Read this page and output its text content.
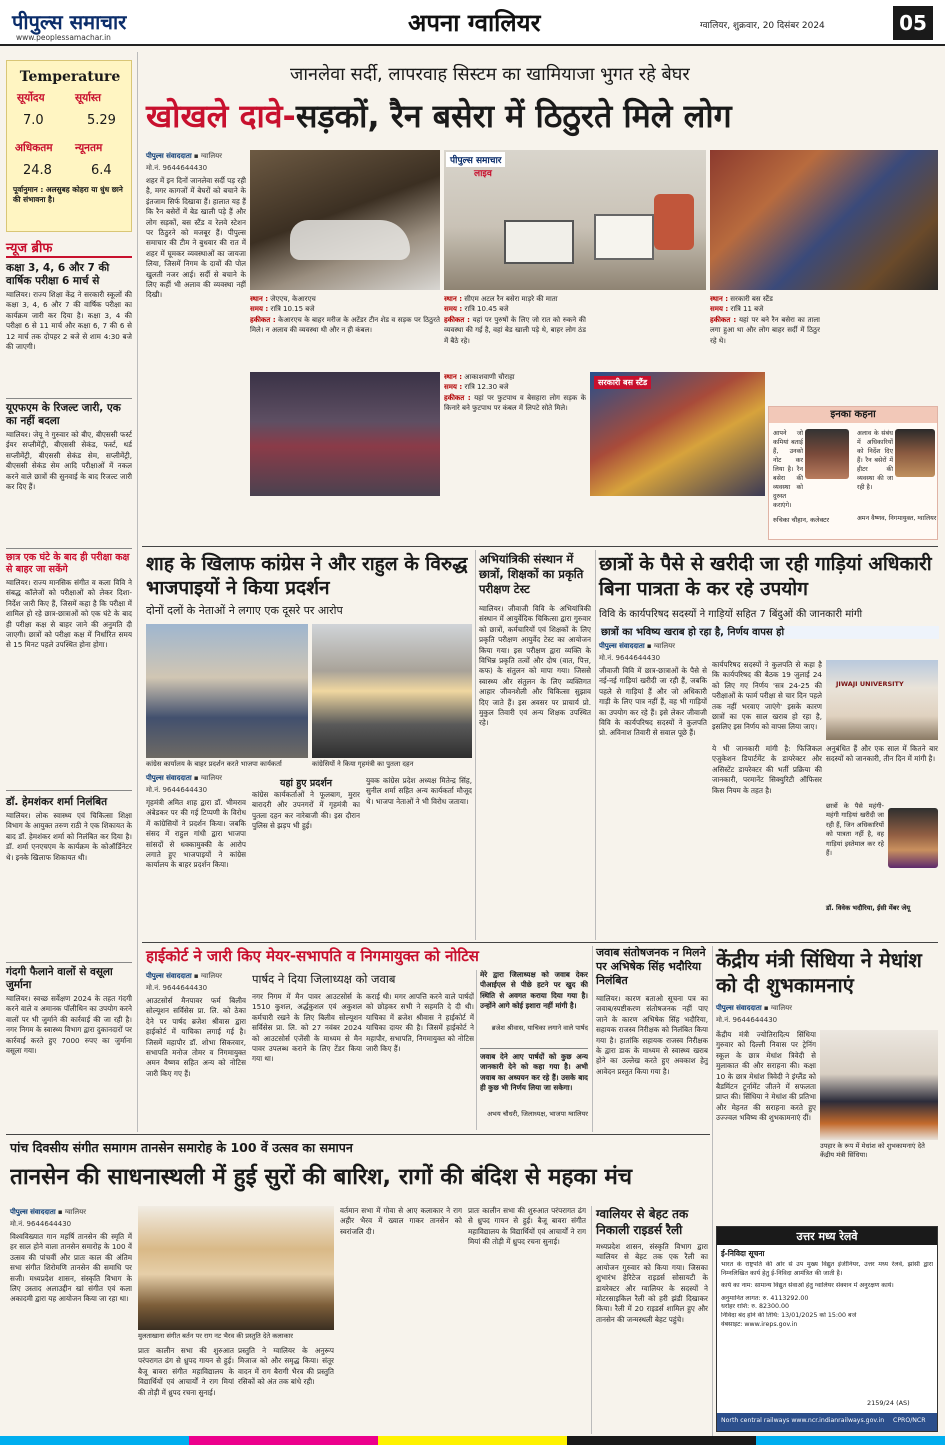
पीपुल्स समाचार
www.peoplessamachar.in
अपना ग्वालियर	ग्वालियर, शुक्रवार, 20 दिसंबर 2024	05
Temperature
सूर्योदय	सूर्यास्त
7.0	5.29
अधिकतम न्यूनतम
24.8	6.4
पूर्वानुमान : अलसुबह कोहरा या धुंध छाने की संभावना है।
न्यूज ब्रीफ
कक्षा 3, 4, 6 और 7 की वार्षिक परीक्षा 6 मार्च से
ग्वालियर। राज्य शिक्षा केंद्र ने सरकारी स्कूलों की कक्षा 3, 4, 6 और 7 की वार्षिक परीक्षा का कार्यक्रम जारी कर दिया है। कक्षा 3, 4 की परीक्षा 6 से 11 मार्च और कक्षा 6, 7 की 6 से 12 मार्च तक दोपहर 2 बजे से शाम 4:30 बजे की जाएगी।
यूएफएम के रिजल्ट जारी, एक का नहीं बदला
ग्वालियर। जेयू ने गुरुवार को बीए, बीएससी फर्स्ट ईयर सप्लीमेंट्री, बीएससी सेकंड, फर्स्ट, थर्ड सप्लीमेंट्री, बीएससी सेकंड सेम, सप्लीमेंट्री, बीएससी सेकंड सेम आदि परीक्षाओं में नकल करने वाले छात्रों की सुनवाई के बाद रिजल्ट जारी कर दिए हैं।
छात्र एक घंटे के बाद ही परीक्षा कक्ष से बाहर जा सकेंगे
ग्वालियर। राज्य मानसिक संगीत व कला विवि ने संबद्ध कॉलेजों को परीक्षाओं को लेकर दिशा-निर्देश जारी किए हैं, जिसमें कहा है कि परीक्षा में शामिल हो रहे छात्र-छात्राओं को एक घंटे के बाद ही परीक्षा कक्ष से बाहर जाने की अनुमति दी जाएगी। छात्रों को परीक्षा कक्ष में निर्धारित समय से 15 मिनट पहले उपस्थित होना होगा।
डॉ. हेमशंकर शर्मा निलंबित
ग्वालियर। लोक स्वास्थ्य एवं चिकित्सा शिक्षा विभाग के आयुक्त तरुण राठी ने एक शिकायत के बाद डॉ. हेमशंकर शर्मा को निलंबित कर दिया है। डॉ. शर्मा एनएचएम के कार्यक्रम के कोऑर्डिनेटर थे। इनके खिलाफ शिकायत थी।
गंदगी फैलाने वालों से वसूला जुर्माना
ग्वालियर। स्वच्छ सर्वेक्षण 2024 के तहत गंदगी करने वाले व अमानक पॉलीथिन का उपयोग करने वालों पर भी जुर्माने की कार्रवाई की जा रही है। नगर निगम के स्वास्थ्य विभाग द्वारा दुकानदारों पर कार्रवाई करते हुए 7000 रुपए का जुर्माना वसूला गया।
जानलेवा सर्दी, लापरवाह सिस्टम का खामियाजा भुगत रहे बेघर
खोखले दावे-सड़कों, रैन बसेरा में ठिठुरते मिले लोग
पीपुल्स संवाददाता ▪ ग्वालियर
मो.नं. 9644644430
शहर में इन दिनों जानलेवा सर्दी पड़ रही है, मगर कागजों में बेघरों को बचाने के इंतजाम सिर्फ दिखावा हैं। हालात यह हैं कि रैन बसेरों में बेड खाली पड़े हैं और लोग सड़कों, बस स्टैंड व रेलवे स्टेशन पर ठिठुरने को मजबूर हैं। पीपुल्स समाचार की टीम ने बुधवार की रात में शहर में घूमकर व्यवस्थाओं का जायजा लिया, जिसमें निगम के दावों की पोल खुलती नजर आई। सर्दी से बचाने के लिए कहीं भी अलाव की व्यवस्था नहीं दिखी।
पीपुल्स समाचार
लाइव
स्थान : जेएएच, केआरएच
समय : रात्रि 10.15 बजे
हकीकत : केआरएच के बाहर मरीज के अटेंडर टीन शेड व सड़क पर ठिठुरते मिले। न अलाव की व्यवस्था थी और न ही कंबल।
स्थान : सीएम अटल रैन बसेरा माड़रे की माता
समय : रात्रि 10.45 बजे
हकीकत : यहां पर पुरुषों के लिए जो रात को रुकने की व्यवस्था की गई है, वहां बेड खाली पड़े थे, बाहर लोग ठंड में बैठे रहे।
स्थान : सरकारी बस स्टैंड
समय : रात्रि 11 बजे
हकीकत : यहां पर बने रैन बसेरा का ताला लगा हुआ था और लोग बाहर सर्दी में ठिठुर रहे थे।
स्थान : आकाशवाणी चौराहा
समय : रात्रि 12.30 बजे
हकीकत : यहां पर फुटपाथ व बेसहारा लोग सड़क के किनारे बने फुटपाथ पर कंबल में लिपटे सोते मिले।
सरकारी बस स्टैंड
इनका कहना
आपने जो कमियां बताई हैं, उनको नोट कर लिया है। रैन बसेरा की व्यवस्था को दुरुस्त कराएंगे।
रुचिका चौहान, कलेक्टर
अलाव के संबंध में अधिकारियों को निर्देश दिए हैं। रैन बसेरों में हीटर की व्यवस्था की जा रही है।
अमन वैष्णव, निगमायुक्त, ग्वालियर
शाह के खिलाफ कांग्रेस ने और राहुल के विरुद्ध भाजपाइयों ने किया प्रदर्शन
दोनों दलों के नेताओं ने लगाए एक दूसरे पर आरोप
कांग्रेस कार्यालय के बाहर प्रदर्शन करते भाजपा कार्यकर्ता	कांग्रेसियों ने किया गृहमंत्री का पुतला दहन
पीपुल्स संवाददाता ▪ ग्वालियर
मो.नं. 9644644430
गृहमंत्री अमित शाह द्वारा डॉ. भीमराव अंबेडकर पर की गई टिप्पणी के विरोध में कांग्रेसियों ने प्रदर्शन किया। जबकि संसद में राहुल गांधी द्वारा भाजपा सांसदों से धक्कामुक्की के आरोप लगाते हुए भाजपाइयों ने कांग्रेस कार्यालय के बाहर प्रदर्शन किया।
यहां हुए प्रदर्शन
कांग्रेस कार्यकर्ताओं ने फूलबाग, मुरार बारादरी और उपनगरों में गृहमंत्री का पुतला दहन कर नारेबाजी की। इस दौरान पुलिस से झड़प भी हुई।
युवक कांग्रेस प्रदेश अध्यक्ष मितेन्द्र सिंह, सुनील शर्मा सहित अन्य कार्यकर्ता मौजूद थे। भाजपा नेताओं ने भी विरोध जताया।
अभियांत्रिकी संस्थान में छात्रों, शिक्षकों का प्रकृति परीक्षण टेस्ट
ग्वालियर। जीवाजी विवि के अभियांत्रिकी संस्थान में आयुर्वेदिक चिकित्सा द्वारा गुरुवार को छात्रों, कर्मचारियों एवं शिक्षकों के लिए प्रकृति परीक्षण आयुर्वेद टेस्ट का आयोजन किया गया। इस परीक्षण द्वारा व्यक्ति के विभिन्न प्रकृति तत्वों और दोष (वात, पित्त, कफ) के संतुलन को मापा गया। जिससे स्वास्थ्य और संतुलन के लिए व्यक्तिगत आहार जीवनशैली और चिकित्सा सुझाव दिए जाते हैं। इस अवसर पर प्राचार्य प्रो. मुकुल तिवारी एवं अन्य शिक्षक उपस्थित रहे।
छात्रों के पैसे से खरीदी जा रही गाड़ियां अधिकारी बिना पात्रता के कर रहे उपयोग
विवि के कार्यपरिषद सदस्यों ने गाड़ियों सहित 7 बिंदुओं की जानकारी मांगी
छात्रों का भविष्य खराब हो रहा है, निर्णय वापस हो
पीपुल्स संवाददाता ▪ ग्वालियर
मो.नं. 9644644430
जीवाजी विवि में छात्र-छात्राओं के पैसे से नई-नई गाड़ियां खरीदी जा रही हैं, जबकि पहले से गाड़ियां हैं और जो अधिकारी गाड़ी के लिए पात्र नहीं हैं, वह भी गाड़ियों का उपयोग कर रहे हैं। इसे लेकर जीवाजी विवि के कार्यपरिषद सदस्यों ने कुलपति प्रो. अविनाश तिवारी से सवाल पूछे हैं।
कार्यपरिषद सदस्यों ने कुलपति से कहा है कि कार्यपरिषद की बैठक 19 जुलाई 24 को लिए गए निर्णय 'सत्र 24-25 की परीक्षाओं के फार्म परीक्षा से चार दिन पहले तक नहीं भरवाए जाएंगे' इसके कारण छात्रों का एक साल खराब हो रहा है, इसलिए इस निर्णय को वापस लिया जाए।
JIWAJI UNIVERSITY
ये भी जानकारी मांगी है: फिजिकल एजुकेशन डिपार्टमेंट के डायरेक्टर और असिस्टेंट डायरेक्टर की भर्ती प्रक्रिया की जानकारी, परमानेंट सिक्युरिटी ऑफिसर किस नियम के तहत है।
अनुबंधित हैं और एक साल में कितने बार सदस्यों को जानकारी, तीन दिन में मांगी है।
छात्रों के पैसे महंगी-महंगी गाड़ियां खरीदी जा रही हैं, जिन अधिकारियों को पात्रता नहीं है, वह गाड़ियां इस्तेमाल कर रहे हैं।
डॉ. विवेक भदौरिया, ईसी मेंबर जेयू
हाईकोर्ट ने जारी किए मेयर-सभापति व निगमायुक्त को नोटिस
पीपुल्स संवाददाता ▪ ग्वालियर
मो.नं. 9644644430
पार्षद ने दिया जिलाध्यक्ष को जवाब
आउटसोर्स मैनपावर फर्म बिलीव सोल्यूशन सर्विसेस प्रा. लि. को ठेका देने पर पार्षद ब्रजेश श्रीवास द्वारा हाईकोर्ट में याचिका लगाई गई है। जिसमें महापौर डॉ. शोभा सिकरवार, सभापति मनोज तोमर व निगमायुक्त अमन वैष्णव सहित अन्य को नोटिस जारी किए गए हैं।
नगर निगम में मैन पावर आउटसोर्स के 1510 कुशल, अर्द्धकुशल एवं अकुशल कर्मचारी रखने के लिए बिलीव सोल्यूशन सर्विसेस प्रा. लि. को 27 नवंबर 2024 को आउटसोर्स एजेंसी के माध्यम से मैन पावर उपलब्ध कराने के लिए टेंडर किया गया था।
कराई थी। मगर आपत्ति करने वाले पार्षदों को छोड़कर सभी ने सहमति दे दी थी। याचिका में ब्रजेश श्रीवास ने हाईकोर्ट में याचिका दायर की है। जिसमें हाईकोर्ट ने महापौर, सभापति, निगमायुक्त को नोटिस जारी किए हैं।
मेरे द्वारा जिलाध्यक्ष को जवाब देकर पीआईएल से पीछे हटने पर खुद की स्थिति से अवगत कराया दिया गया है। उन्होंने आगे कोई इशारा नहीं मांगी है।
ब्रजेश श्रीवास, याचिका लगाने वाले पार्षद
जवाब देने आए पार्षदों को कुछ अन्य जानकारी देने को कहा गया है। अभी जवाब का अध्ययन कर रहे हैं। उसके बाद ही कुछ भी निर्णय लिया जा सकेगा।
अभय चौधरी, जिलाध्यक्ष, भाजपा ग्वालियर
जवाब संतोषजनक न मिलने पर अभिषेक सिंह भदौरिया निलंबित
ग्वालियर। कारण बताओ सूचना पत्र का जवाब/स्पष्टीकरण संतोषजनक नहीं पाए जाने के कारण अभिषेक सिंह भदौरिया, सहायक राजस्व निरीक्षक को निलंबित किया गया है। हातांकि सहायक राजस्व निरीक्षक के द्वारा डाक के माध्यम से स्वास्थ्य खराब होने का उल्लेख करते हुए अवकाश हेतु आवेदन प्रस्तुत किया गया है।
केंद्रीय मंत्री सिंधिया ने मेधांश को दी शुभकामनाएं
पीपुल्स संवाददाता ▪ ग्वालियर
मो.नं. 9644644430
केंद्रीय मंत्री ज्योतिरादित्य सिंधिया गुरुवार को दिल्ली निवास पर ट्रेनिंग स्कूल के छात्र मेधांश त्रिवेदी से मुलाकात की और सराहना की। कक्षा 10 के छात्र मेधांश त्रिवेदी ने इंग्लैंड को बैडमिंटन टूर्नामेंट जीतने में सफलता प्राप्त की। सिंधिया ने मेधांश की प्रतिभा और मेहनत की सराहना करते हुए उज्ज्वल भविष्य की शुभकामनाएं दीं।
उपहार के रूप में मेधांश को शुभकामनाएं देते केंद्रीय मंत्री सिंधिया।
उत्तर मध्य रेलवे
ई-निविदा सूचना
भारत के राष्ट्रपति की ओर से उप मुख्य विद्युत इंजीनियर, उत्तर मध्य रेलवे, झांसी द्वारा निम्नलिखित कार्य हेतु ई-निविदा आमंत्रित की जाती है।
कार्य का नाम: सामान्य विद्युत सेवाओं हेतु ग्वालियर सेक्शन में अनुरक्षण कार्य।
अनुमानित लागत: रु. 4113292.00
धरोहर राशि: रु. 82300.00
निविदा बंद होने की तिथि: 13/01/2025 को 15:00 बजे
वेबसाइट: www.ireps.gov.in
2159/24 (AS)
North central railways www.ncr.indianrailways.gov.in	CPRO/NCR
पांच दिवसीय संगीत समागम तानसेन समारोह के 100 वें उत्सव का समापन
तानसेन की साधनास्थली में हुई सुरों की बारिश, रागों की बंदिश से महका मंच
पीपुल्स संवाददाता ▪ ग्वालियर
मो.नं. 9644644430
विश्वविख्यात गान महर्षि तानसेन की स्मृति में हर साल होने वाला तानसेन समारोह के 100 वें उत्सव की पांचवीं और प्रातः काल की अंतिम सभा संगीत शिरोमणि तानसेन की समाधि पर सजी। मध्यप्रदेश शासन, संस्कृति विभाग के लिए उस्ताद अलाउद्दीन खां संगीत एवं कला अकादमी द्वारा यह आयोजन किया जा रहा था।
मुलताखाना संगीत बर्तन पर राग नट भैरव की प्रस्तुति देते कलाकार
प्रातः कालीन सभा की शुरुआत परंपरागत ढंग से ध्रुपद गायन से हुई। बैजू बावरा संगीत महाविद्यालय के विद्यार्थियों एवं आचार्यों ने राग मियां की तोड़ी में ध्रुपद रचना सुनाई।
प्रस्तुति ने ग्वालियर के अनुरूप मिजाज को और समृद्ध किया। संतूर वादन में राग बैरागी भैरव की प्रस्तुति रसिकों को अंत तक बांधे रही।
वर्तमान सभा में गोवा से आए कलाकार ने राग अहीर भैरव में ख्याल गाकर तानसेन को स्वरांजलि दी।
प्रातः कालीन सभा की शुरुआत परंपरागत ढंग से ध्रुपद गायन से हुई। बैजू बावरा संगीत महाविद्यालय के विद्यार्थियों एवं आचार्यों ने राग मियां की तोड़ी में ध्रुपद रचना सुनाई।
ग्वालियर से बेहट तक निकाली राइडर्स रैली
मध्यप्रदेश शासन, संस्कृति विभाग द्वारा ग्वालियर से बेहट तक एक रैली का आयोजन गुरुवार को किया गया। जिसका शुभारंभ हेरिटेज राइडर्स सोसायटी के डायरेक्टर और ग्वालियर के सदस्यों ने मोटरसाइकिल रैली को हरी झंडी दिखाकर किया। रैली में 20 राइडर्स शामिल हुए और तानसेन की जन्मस्थली बेहट पहुंचे।
